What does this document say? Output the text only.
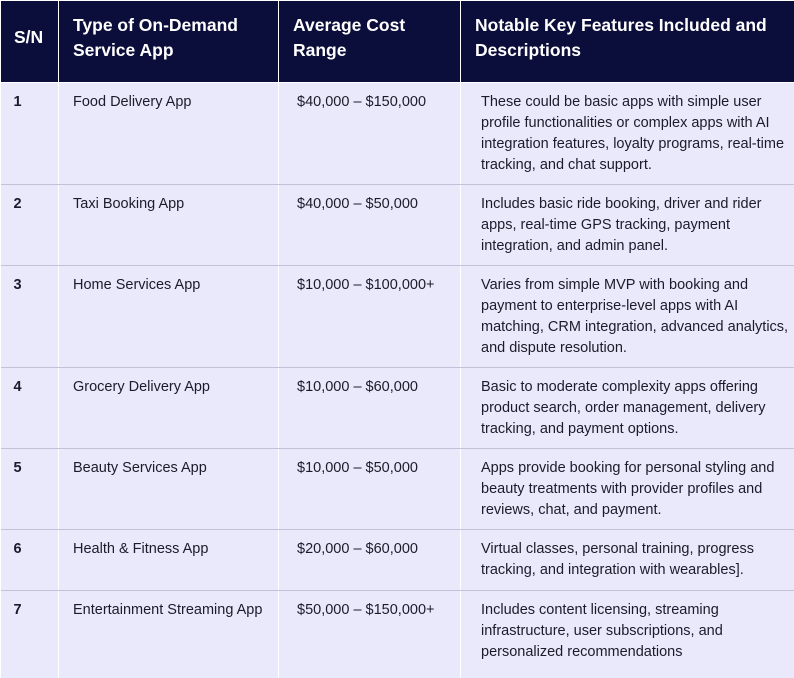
S/N	Type of On-Demand Service App	Average Cost Range	Notable Key Features Included and Descriptions
1	Food Delivery App	$40,000 – $150,000	These could be basic apps with simple user profile functionalities or complex apps with AI integration features, loyalty programs, real-time tracking, and chat support.
2	Taxi Booking App	$40,000 – $50,000	Includes basic ride booking, driver and rider apps, real-time GPS tracking, payment integration, and admin panel.
3	Home Services App	$10,000 – $100,000+	Varies from simple MVP with booking and payment to enterprise-level apps with AI matching, CRM integration, advanced analytics, and dispute resolution.
4	Grocery Delivery App	$10,000 – $60,000	Basic to moderate complexity apps offering product search, order management, delivery tracking, and payment options.
5	Beauty Services App	$10,000 – $50,000	Apps provide booking for personal styling and beauty treatments with provider profiles and reviews, chat, and payment.
6	Health & Fitness App	$20,000 – $60,000	Virtual classes, personal training, progress tracking, and integration with wearables].
7	Entertainment Streaming App	$50,000 – $150,000+	Includes content licensing, streaming infrastructure, user subscriptions, and personalized recommendations
